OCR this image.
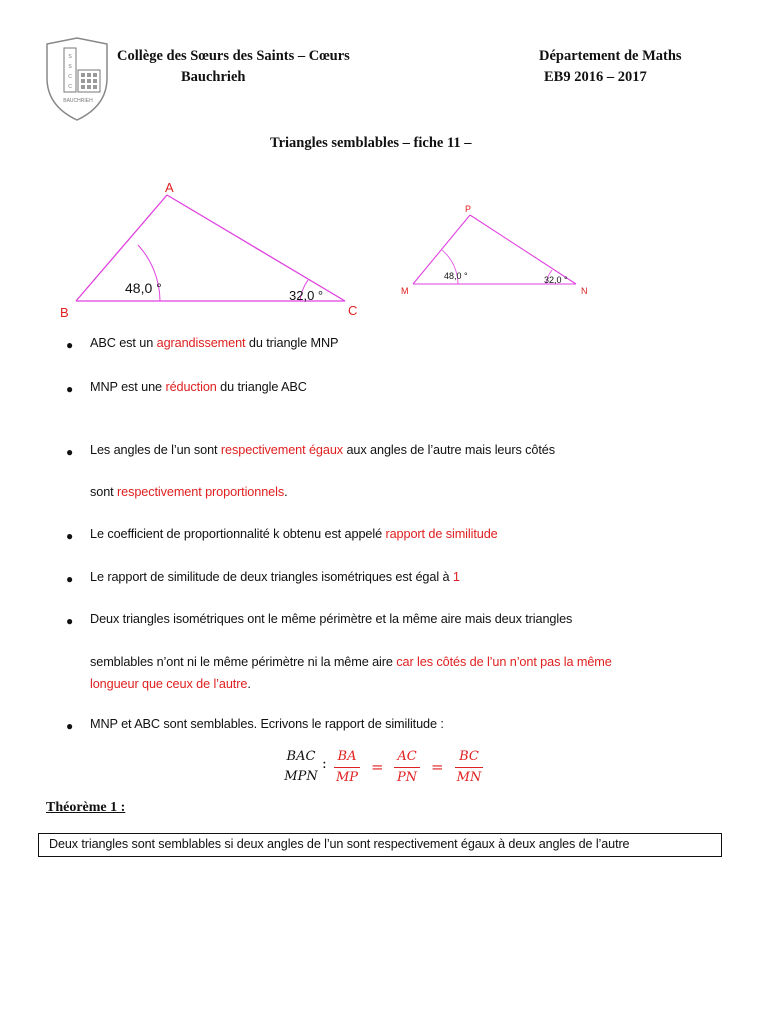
S
S
C
C
BAUCHRIEH
Collège des Sœurs des Saints – Cœurs
Bauchrieh
Département de Maths
EB9 2016 – 2017
Triangles semblables – fiche 11 –
A
B	C
48,0 °	32,0 °
P
M	N
48,0 °	32,0 °
● ABC est un agrandissement du triangle MNP
● MNP est une réduction du triangle ABC
● Les angles de l’un sont respectivement égaux aux angles de l’autre mais leurs côtés
sont respectivement proportionnels.
● Le coefficient de proportionnalité k obtenu est appelé rapport de similitude
● Le rapport de similitude de deux triangles isométriques est égal à 1
● Deux triangles isométriques ont le même périmètre et la même aire mais deux triangles
semblables n’ont ni le même périmètre ni la même aire car les côtés de l’un n’ont pas la même
longueur que ceux de l’autre.
● MNP et ABC sont semblables. Ecrivons le rapport de similitude :
BAC
MPN
: BA
MP
=
AC
PN
=
BC
MN
Théorème 1 :
Deux triangles sont semblables si deux angles de l’un sont respectivement égaux à deux angles de l’autre
